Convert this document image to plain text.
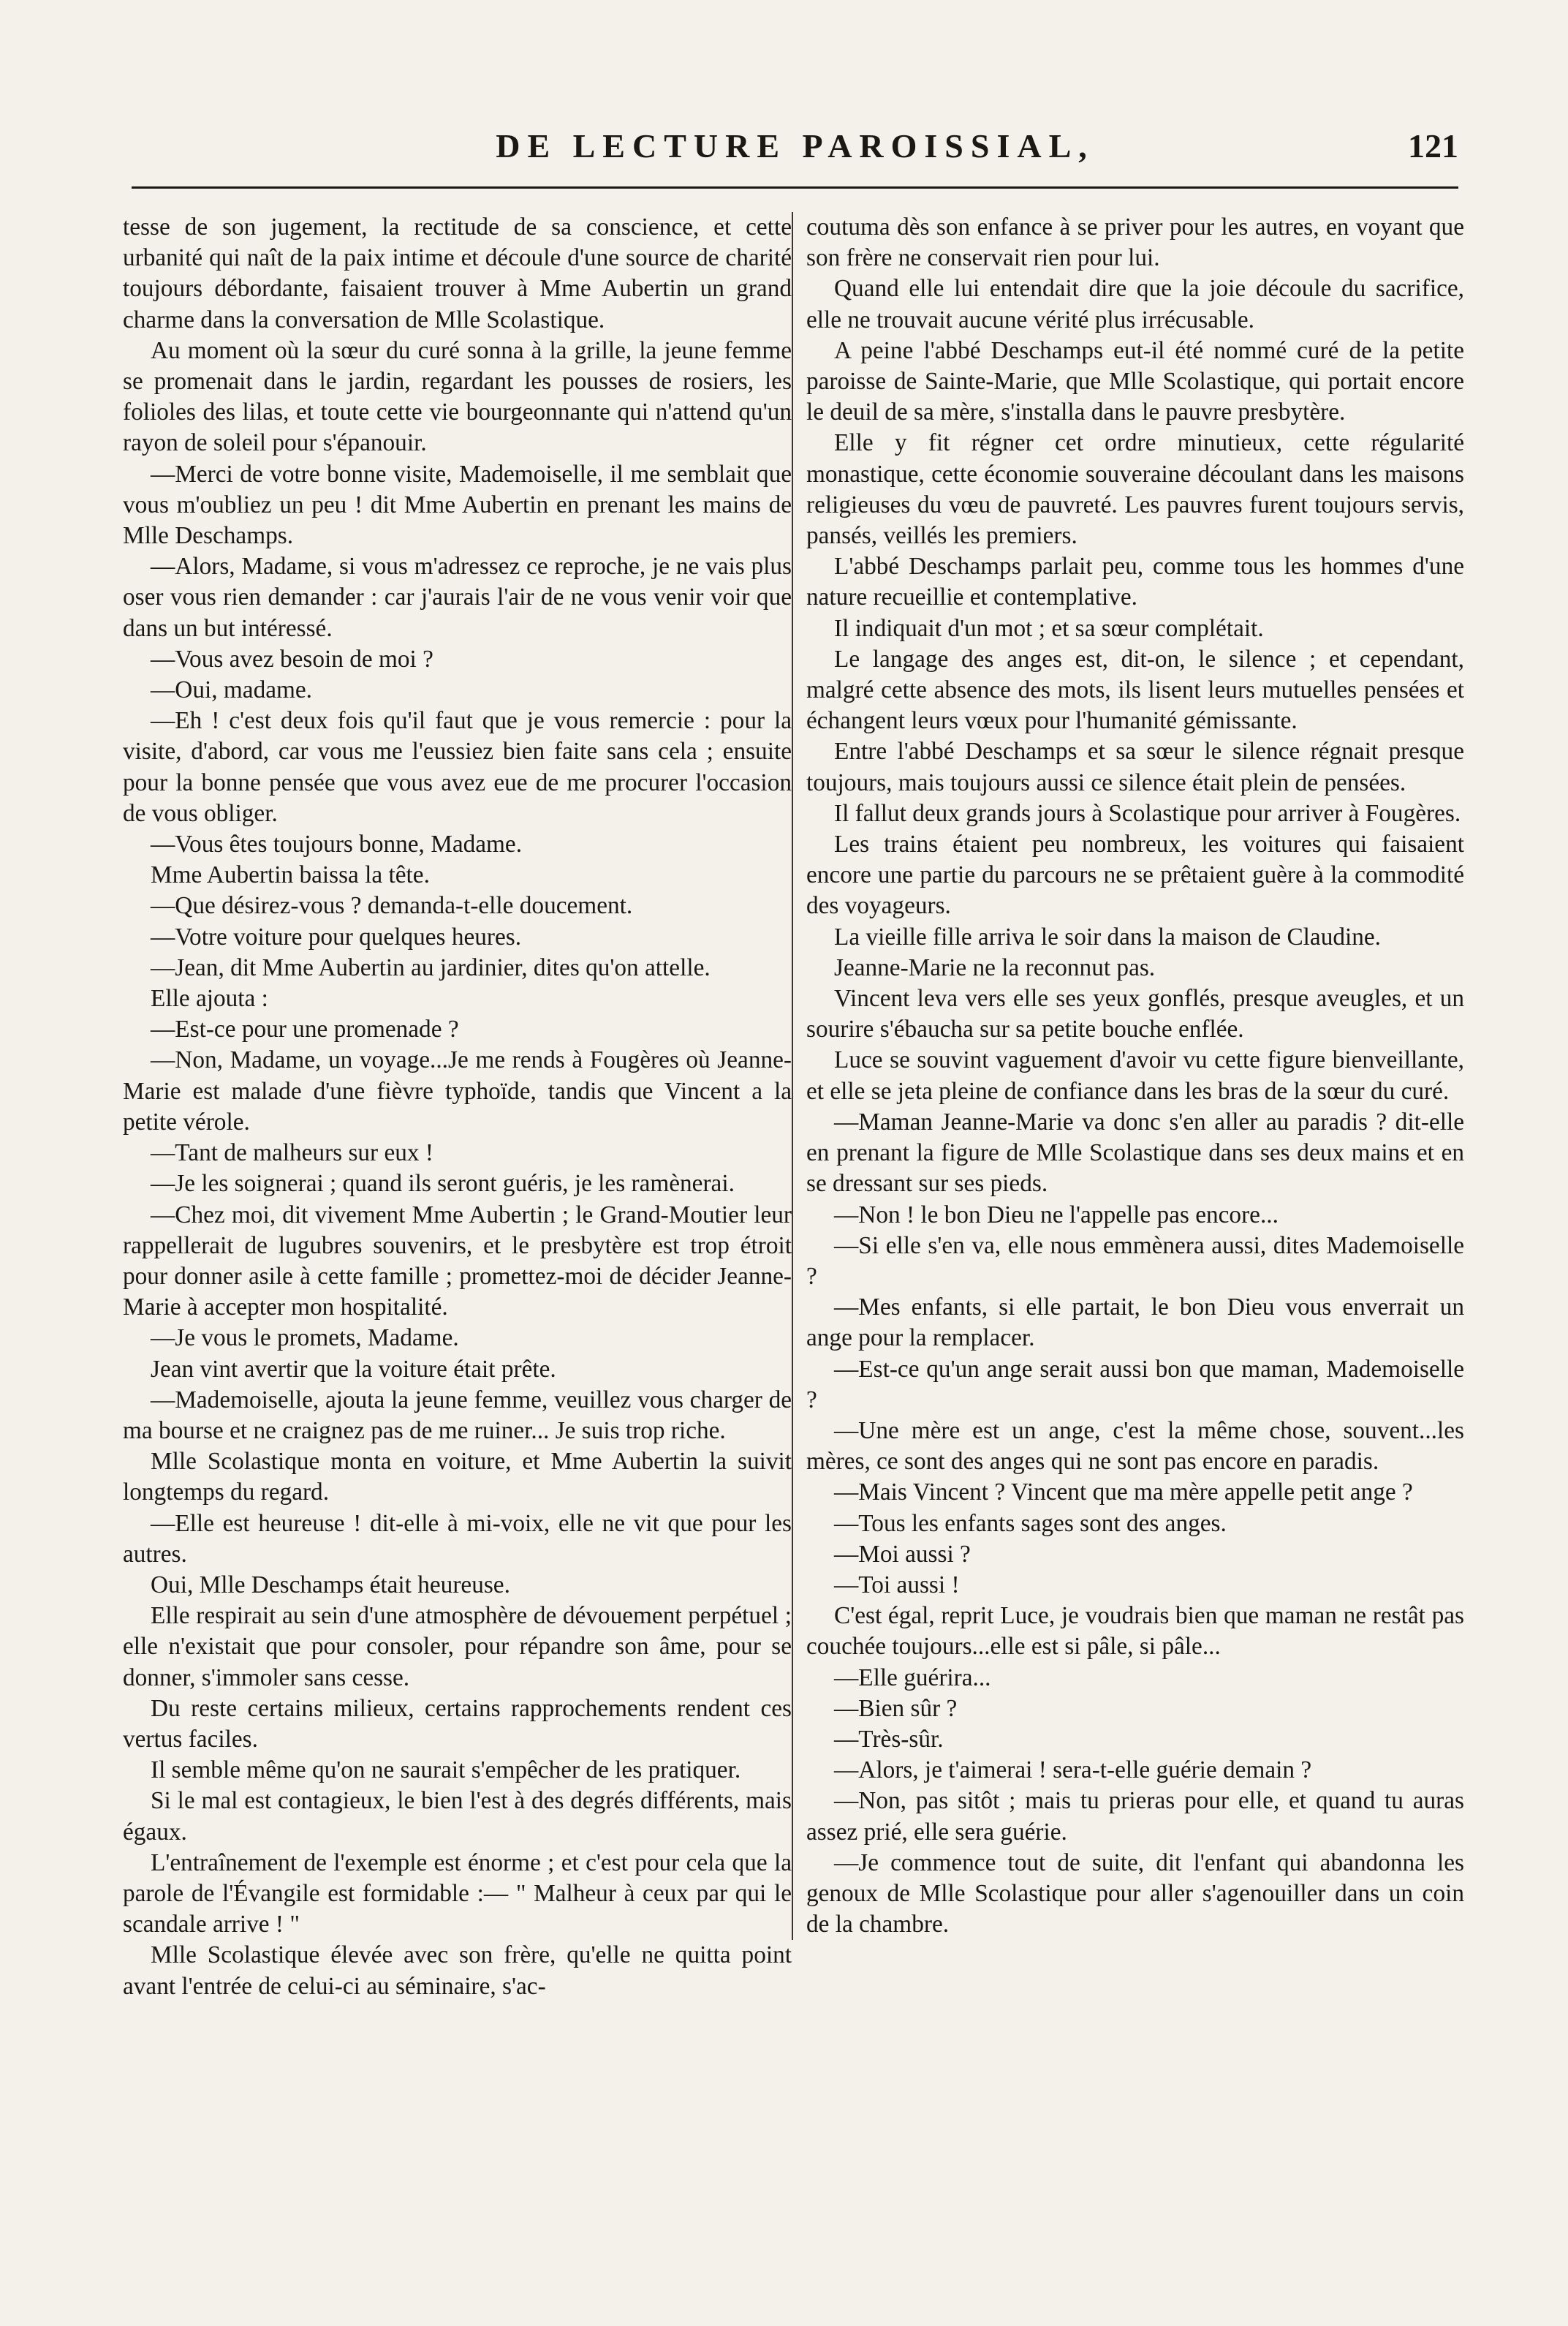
DE LECTURE PAROISSIAL,	121

tesse de son jugement, la rectitude de sa conscience, et cette urbanité qui naît de la paix intime et découle d'une source de charité toujours débordante, faisaient trouver à Mme Aubertin un grand charme dans la conversation de Mlle Scolastique.

Au moment où la sœur du curé sonna à la grille, la jeune femme se promenait dans le jardin, regardant les pousses de rosiers, les folioles des lilas, et toute cette vie bourgeonnante qui n'attend qu'un rayon de soleil pour s'épanouir.

—Merci de votre bonne visite, Mademoiselle, il me semblait que vous m'oubliez un peu ! dit Mme Aubertin en prenant les mains de Mlle Deschamps.

—Alors, Madame, si vous m'adressez ce reproche, je ne vais plus oser vous rien demander : car j'aurais l'air de ne vous venir voir que dans un but intéressé.

—Vous avez besoin de moi ?

—Oui, madame.

—Eh ! c'est deux fois qu'il faut que je vous remercie : pour la visite, d'abord, car vous me l'eussiez bien faite sans cela ; ensuite pour la bonne pensée que vous avez eue de me procurer l'occasion de vous obliger.

—Vous êtes toujours bonne, Madame.

Mme Aubertin baissa la tête.

—Que désirez-vous ? demanda-t-elle doucement.

—Votre voiture pour quelques heures.

—Jean, dit Mme Aubertin au jardinier, dites qu'on attelle.

Elle ajouta :

—Est-ce pour une promenade ?

—Non, Madame, un voyage...Je me rends à Fougères où Jeanne-Marie est malade d'une fièvre typhoïde, tandis que Vincent a la petite vérole.

—Tant de malheurs sur eux !

—Je les soignerai ; quand ils seront guéris, je les ramènerai.

—Chez moi, dit vivement Mme Aubertin ; le Grand-Moutier leur rappellerait de lugubres souvenirs, et le presbytère est trop étroit pour donner asile à cette famille ; promettez-moi de décider Jeanne-Marie à accepter mon hospitalité.

—Je vous le promets, Madame.

Jean vint avertir que la voiture était prête.

—Mademoiselle, ajouta la jeune femme, veuillez vous charger de ma bourse et ne craignez pas de me ruiner... Je suis trop riche.

Mlle Scolastique monta en voiture, et Mme Aubertin la suivit longtemps du regard.

—Elle est heureuse ! dit-elle à mi-voix, elle ne vit que pour les autres.

Oui, Mlle Deschamps était heureuse.

Elle respirait au sein d'une atmosphère de dévouement perpétuel ; elle n'existait que pour consoler, pour répandre son âme, pour se donner, s'immoler sans cesse.

Du reste certains milieux, certains rapprochements rendent ces vertus faciles.

Il semble même qu'on ne saurait s'empêcher de les pratiquer.

Si le mal est contagieux, le bien l'est à des degrés différents, mais égaux.

L'entraînement de l'exemple est énorme ; et c'est pour cela que la parole de l'Évangile est formidable :— " Malheur à ceux par qui le scandale arrive ! "

Mlle Scolastique élevée avec son frère, qu'elle ne quitta point avant l'entrée de celui-ci au séminaire, s'ac-

coutuma dès son enfance à se priver pour les autres, en voyant que son frère ne conservait rien pour lui.

Quand elle lui entendait dire que la joie découle du sacrifice, elle ne trouvait aucune vérité plus irrécusable.

A peine l'abbé Deschamps eut-il été nommé curé de la petite paroisse de Sainte-Marie, que Mlle Scolastique, qui portait encore le deuil de sa mère, s'installa dans le pauvre presbytère.

Elle y fit régner cet ordre minutieux, cette régularité monastique, cette économie souveraine découlant dans les maisons religieuses du vœu de pauvreté. Les pauvres furent toujours servis, pansés, veillés les premiers.

L'abbé Deschamps parlait peu, comme tous les hommes d'une nature recueillie et contemplative.

Il indiquait d'un mot ; et sa sœur complétait.

Le langage des anges est, dit-on, le silence ; et cependant, malgré cette absence des mots, ils lisent leurs mutuelles pensées et échangent leurs vœux pour l'humanité gémissante.

Entre l'abbé Deschamps et sa sœur le silence régnait presque toujours, mais toujours aussi ce silence était plein de pensées.

Il fallut deux grands jours à Scolastique pour arriver à Fougères.

Les trains étaient peu nombreux, les voitures qui faisaient encore une partie du parcours ne se prêtaient guère à la commodité des voyageurs.

La vieille fille arriva le soir dans la maison de Claudine.

Jeanne-Marie ne la reconnut pas.

Vincent leva vers elle ses yeux gonflés, presque aveugles, et un sourire s'ébaucha sur sa petite bouche enflée.

Luce se souvint vaguement d'avoir vu cette figure bienveillante, et elle se jeta pleine de confiance dans les bras de la sœur du curé.

—Maman Jeanne-Marie va donc s'en aller au paradis ? dit-elle en prenant la figure de Mlle Scolastique dans ses deux mains et en se dressant sur ses pieds.

—Non ! le bon Dieu ne l'appelle pas encore...

—Si elle s'en va, elle nous emmènera aussi, dites Mademoiselle ?

—Mes enfants, si elle partait, le bon Dieu vous enverrait un ange pour la remplacer.

—Est-ce qu'un ange serait aussi bon que maman, Mademoiselle ?

—Une mère est un ange, c'est la même chose, souvent...les mères, ce sont des anges qui ne sont pas encore en paradis.

—Mais Vincent ? Vincent que ma mère appelle petit ange ?

—Tous les enfants sages sont des anges.

—Moi aussi ?

—Toi aussi !

C'est égal, reprit Luce, je voudrais bien que maman ne restât pas couchée toujours...elle est si pâle, si pâle...

—Elle guérira...

—Bien sûr ?

—Très-sûr.

—Alors, je t'aimerai ! sera-t-elle guérie demain ?

—Non, pas sitôt ; mais tu prieras pour elle, et quand tu auras assez prié, elle sera guérie.

—Je commence tout de suite, dit l'enfant qui abandonna les genoux de Mlle Scolastique pour aller s'agenouiller dans un coin de la chambre.
